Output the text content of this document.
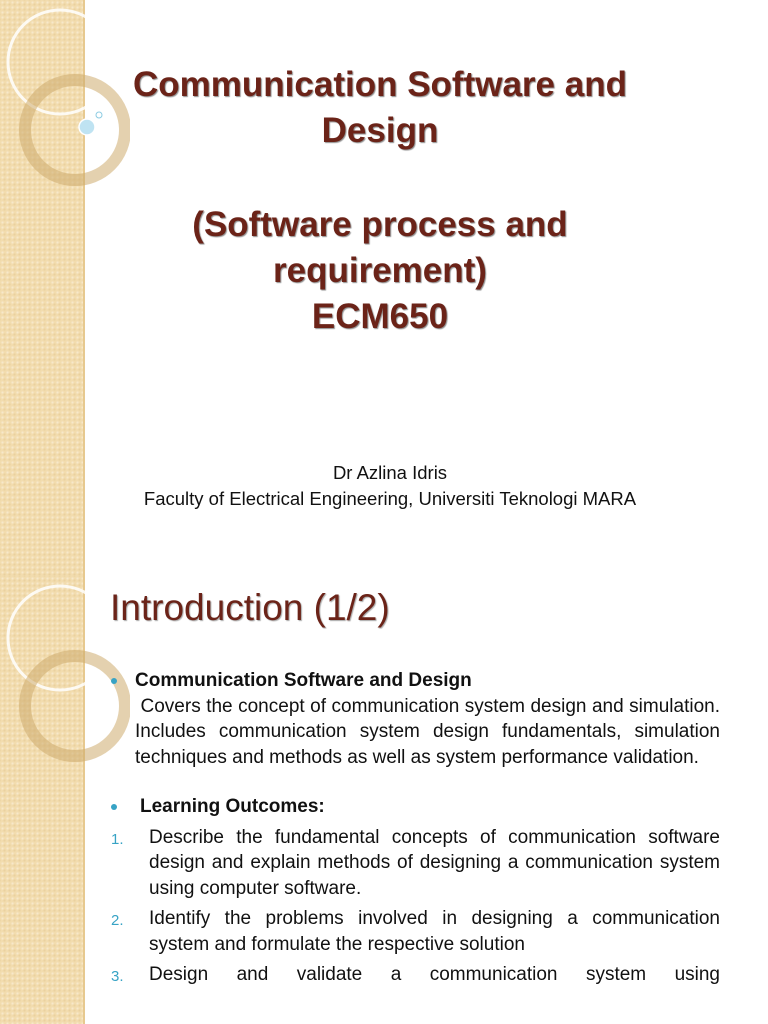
Communication Software and
Design
(Software process and
requirement)
ECM650
Dr Azlina Idris
Faculty of Electrical Engineering, Universiti Teknologi MARA
Introduction (1/2)
Communication Software and Design
Covers the concept of communication system design and simulation. Includes communication system design fundamentals, simulation techniques and methods as well as system performance validation.
Learning Outcomes:
1. Describe the fundamental concepts of communication software design and explain methods of designing a communication system using computer software.
2. Identify the problems involved in designing a communication system and formulate the respective solution
3. Design and validate a communication system using
